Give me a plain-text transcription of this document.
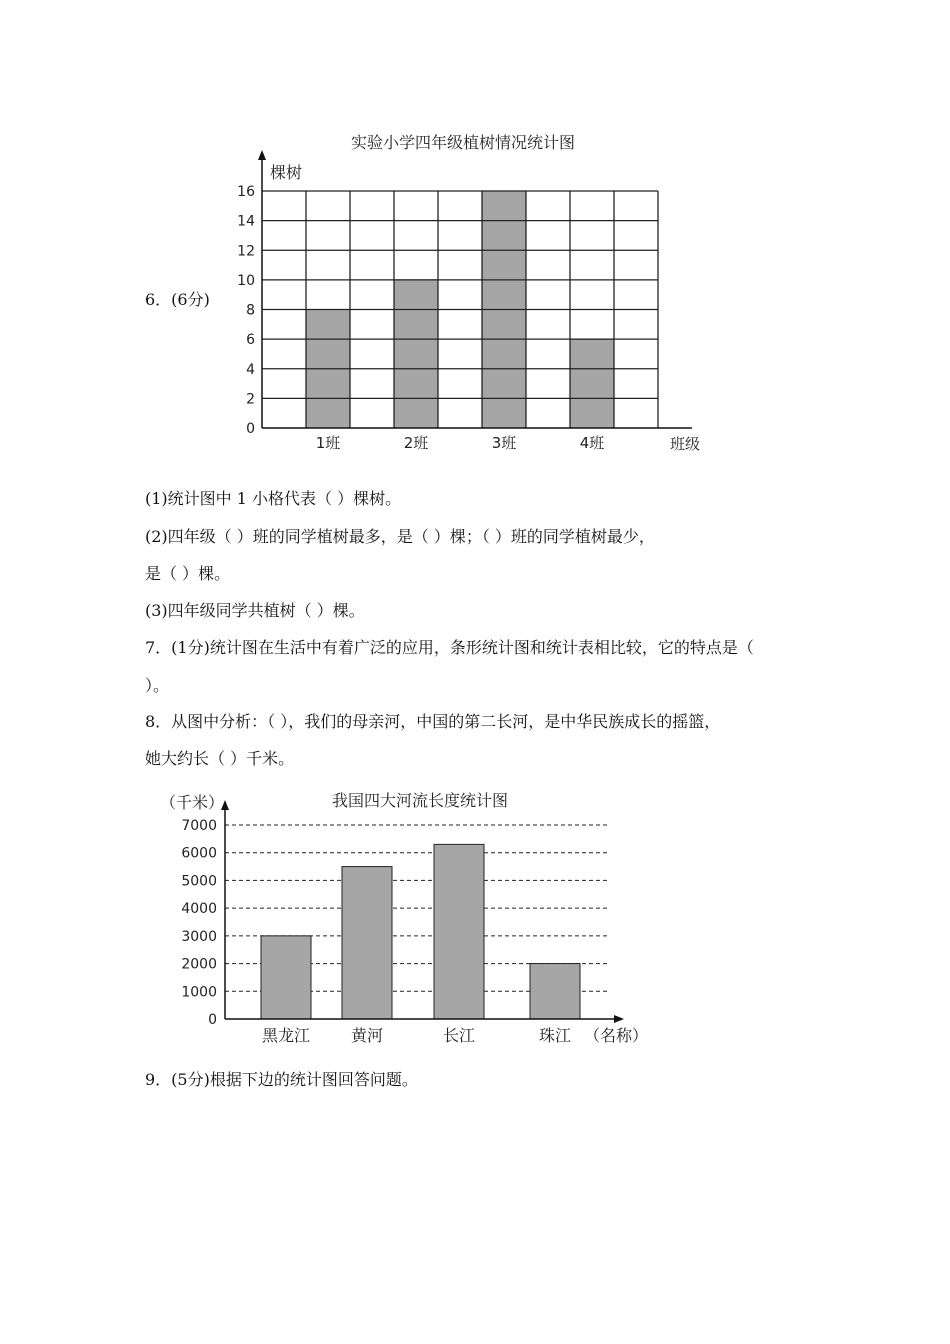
6．(6分)
实验小学四年级植树情况统计图
0
2
4
6
8
10
12
14
16
1班	2班	3班	4班
棵树
班级
(1)统计图中 1 小格代表（ ）棵树。
(2)四年级（ ）班的同学植树最多，是（ ）棵；（ ）班的同学植树最少，
是（ ）棵。
(3)四年级同学共植树（ ）棵。
7．(1分)统计图在生活中有着广泛的应用，条形统计图和统计表相比较，它的特点是（
）。
8．从图中分析：（ ），我们的母亲河，中国的第二长河，是中华民族成长的摇篮，
她大约长（ ）千米。
我国四大河流长度统计图
0
1000
2000
3000
4000
5000
6000
7000
黑龙江	黄河	长江	珠江
（千米）
（名称）
9．(5分)根据下边的统计图回答问题。
